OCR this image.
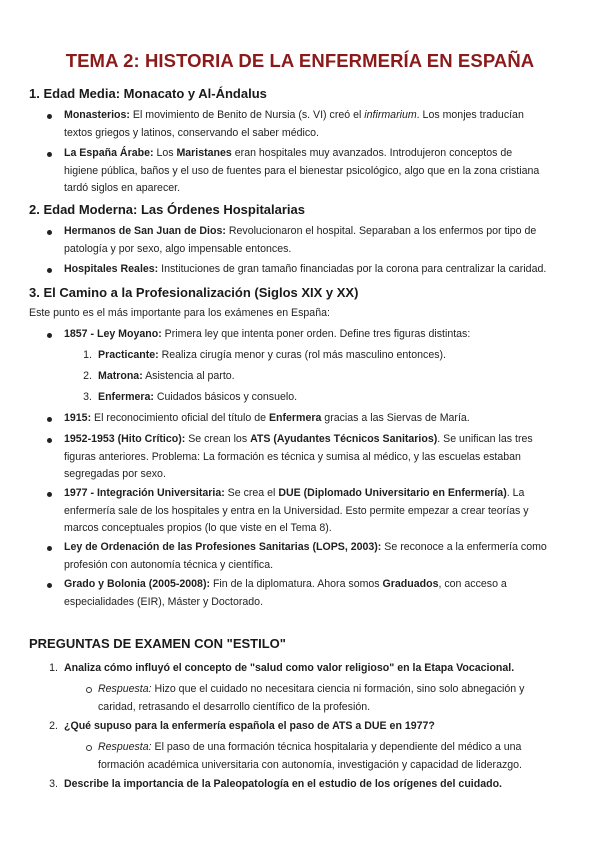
TEMA 2: HISTORIA DE LA ENFERMERÍA EN ESPAÑA

1. Edad Media: Monacato y Al-Ándalus

Monasterios: El movimiento de Benito de Nursia (s. VI) creó el infirmarium. Los monjes traducían
textos griegos y latinos, conservando el saber médico.
La España Árabe: Los Maristanes eran hospitales muy avanzados. Introdujeron conceptos de
higiene pública, baños y el uso de fuentes para el bienestar psicológico, algo que en la zona cristiana
tardó siglos en aparecer.

2. Edad Moderna: Las Órdenes Hospitalarias

Hermanos de San Juan de Dios: Revolucionaron el hospital. Separaban a los enfermos por tipo de
patología y por sexo, algo impensable entonces.
Hospitales Reales: Instituciones de gran tamaño financiadas por la corona para centralizar la caridad.

3. El Camino a la Profesionalización (Siglos XIX y XX)

Este punto es el más importante para los exámenes en España:

1857 - Ley Moyano: Primera ley que intenta poner orden. Define tres figuras distintas:
1. Practicante: Realiza cirugía menor y curas (rol más masculino entonces).
2. Matrona: Asistencia al parto.
3. Enfermera: Cuidados básicos y consuelo.
1915: El reconocimiento oficial del título de Enfermera gracias a las Siervas de María.
1952-1953 (Hito Crítico): Se crean los ATS (Ayudantes Técnicos Sanitarios). Se unifican las tres
figuras anteriores. Problema: La formación es técnica y sumisa al médico, y las escuelas estaban
segregadas por sexo.
1977 - Integración Universitaria: Se crea el DUE (Diplomado Universitario en Enfermería). La
enfermería sale de los hospitales y entra en la Universidad. Esto permite empezar a crear teorías y
marcos conceptuales propios (lo que viste en el Tema 8).
Ley de Ordenación de las Profesiones Sanitarias (LOPS, 2003): Se reconoce a la enfermería como
profesión con autonomía técnica y científica.
Grado y Bolonia (2005-2008): Fin de la diplomatura. Ahora somos Graduados, con acceso a
especialidades (EIR), Máster y Doctorado.

PREGUNTAS DE EXAMEN CON "ESTILO"

1. Analiza cómo influyó el concepto de "salud como valor religioso" en la Etapa Vocacional.
Respuesta: Hizo que el cuidado no necesitara ciencia ni formación, sino solo abnegación y
caridad, retrasando el desarrollo científico de la profesión.
2. ¿Qué supuso para la enfermería española el paso de ATS a DUE en 1977?
Respuesta: El paso de una formación técnica hospitalaria y dependiente del médico a una
formación académica universitaria con autonomía, investigación y capacidad de liderazgo.
3. Describe la importancia de la Paleopatología en el estudio de los orígenes del cuidado.
